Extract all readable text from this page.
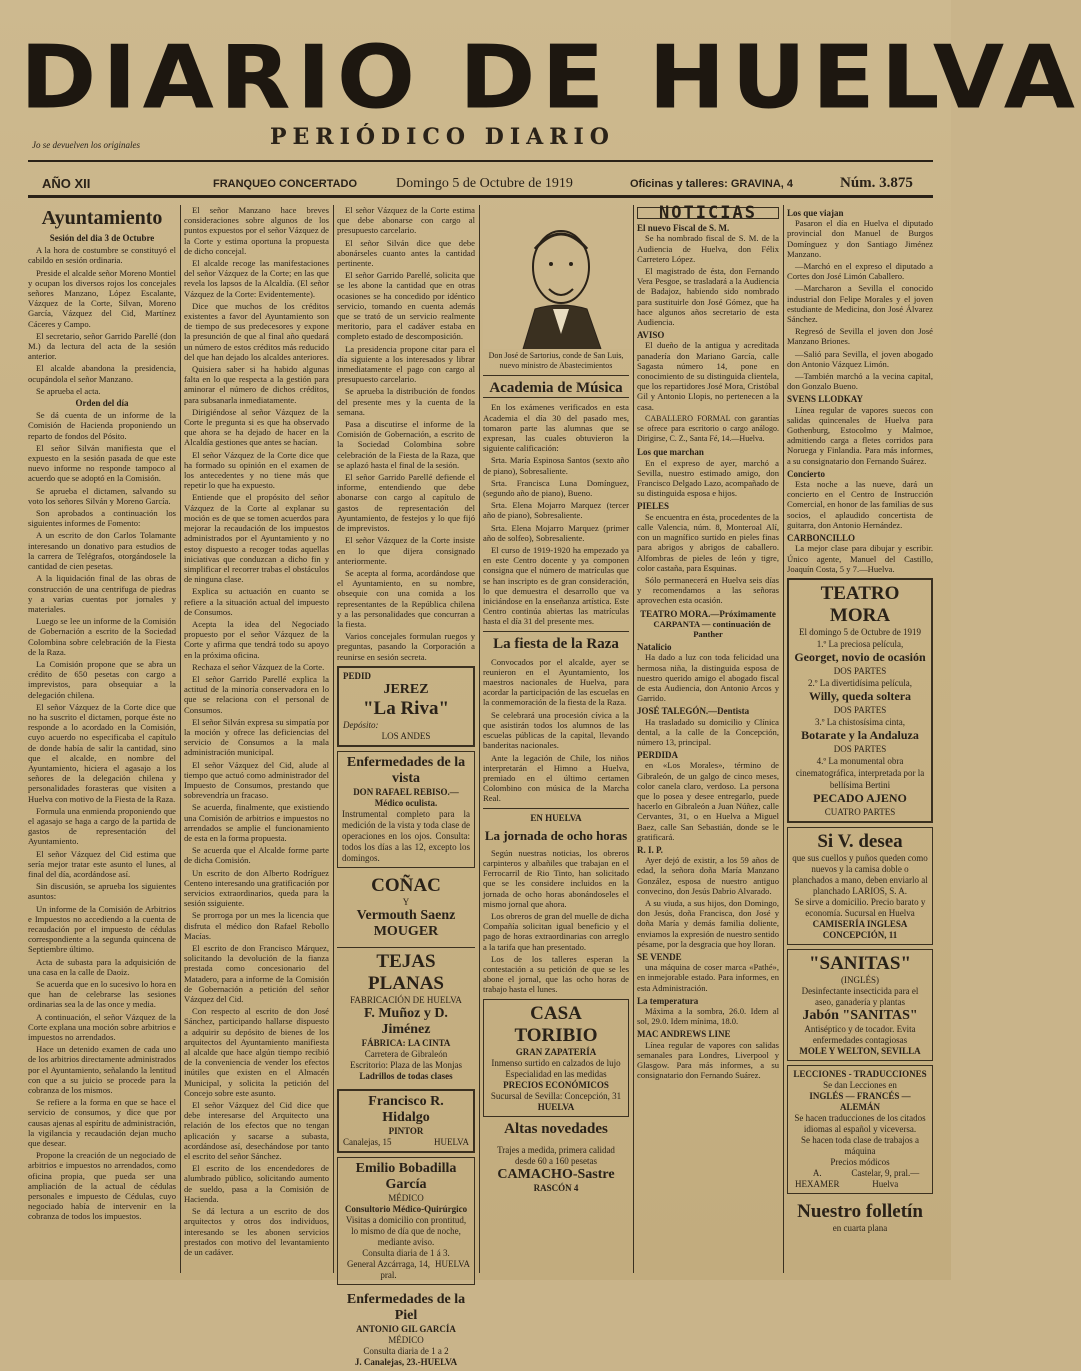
DIARIO DE HUELVA
PERIÓDICO DIARIO
Jo se devuelven los originales
AÑO XII	FRANQUEO CONCERTADO	Domingo 5 de Octubre de 1919	Oficinas y talleres: GRAVINA, 4	Núm. 3.875
Ayuntamiento
Sesión del dia 3 de Octubre

A la hora de costumbre se constituyó el cabildo en sesión ordinaria.

Preside el alcalde señor Moreno Montiel y ocupan los diversos rojos los concejales señores Manzano, López Escalante, Vázquez de la Corte, Silvan, Moreno García, Vázquez del Cid, Martínez Cáceres y Campo.

El secretario, señor Garrido Parellé (don M.) da lectura del acta de la sesión anterior.

El alcalde abandona la presidencia, ocupándola el señor Manzano.

Se aprueba el acta.

Orden del día

Se dá cuenta de un informe de la Comisión de Hacienda proponiendo un reparto de fondos del Pósito.

El señor Silván manifiesta que el expuesto en la sesión pasada de que este nuevo informe no responde tampoco al acuerdo que se adoptó en la Comisión.

Se aprueba el dictamen, salvando su voto los señores Silván y Moreno García.

Son aprobados a continuación los siguientes informes de Fomento:

A un escrito de don Carlos Tolamante interesando un donativo para estudios de la carrera de Telégrafos, otorgándosele la cantidad de cien pesetas.

A la liquidación final de las obras de construcción de una centrifuga de piedras y a varias cuentas por jornales y materiales.

Luego se lee un informe de la Comisión de Gobernación a escrito de la Sociedad Colombina sobre celebración de la Fiesta de la Raza.

La Comisión propone que se abra un crédito de 650 pesetas con cargo a imprevistos, para obsequiar a la delegación chilena.

El señor Vázquez de la Corte dice que no ha suscrito el dictamen, porque éste no responde a lo acordado en la Comisión, cuyo acuerdo no especificaba el capítulo de donde había de salir la cantidad, sino que el alcalde, en nombre del Ayuntamiento, hiciera el agasajo a los señores de la delegación chilena y personalidades forasteras que visiten a Huelva con motivo de la Fiesta de la Raza.

Formula una enmienda proponiendo que el agasajo se haga a cargo de la partida de gastos de representación del Ayuntamiento.

El señor Vázquez del Cid estima que sería mejor tratar este asunto el lunes, al final del día, acordándose así.

Sin discusión, se aprueba los siguientes asuntos:

Un informe de la Comisión de Arbitrios e Impuestos no accediendo a la cuenta de recaudación por el impuesto de cédulas correspondiente a la segunda quincena de Septiembre último.

Acta de subasta para la adquisición de una casa en la calle de Daoiz.

Se acuerda que en lo sucesivo lo hora en que han de celebrarse las sesiones ordinarias sea la de las once y media.

A continuación, el señor Vázquez de la Corte explana una moción sobre arbitrios e impuestos no arrendados.

Hace un detenido examen de cada uno de los arbitrios directamente administrados por el Ayuntamiento, señalando la lentitud con que a su juicio se procede para la cobranza de los mismos.

Se refiere a la forma en que se hace el servicio de consumos, y dice que por causas ajenas al espíritu de administración, la vigilancia y recaudación dejan mucho que desear.

Propone la creación de un negociado de arbitrios e impuestos no arrendados, como oficina propia, que pueda ser una ampliación de la actual de cédulas personales e impuesto de Cédulas, cuyo negociado había de intervenir en la cobranza de todos los impuestos.

El señor Manzano hace breves consideraciones sobre algunos de los puntos expuestos por el señor Vázquez de la Corte y estima oportuna la propuesta de dicho concejal.

El alcalde recoge las manifestaciones del señor Vázquez de la Corte; en las que revela los lapsos de la Alcaldía. (El señor Vázquez de la Corte: Evidentemente).

Dice que muchos de los créditos existentes a favor del Ayuntamiento son de tiempo de sus predecesores y expone la presunción de que al final año quedará un número de estos créditos más reducido del que han dejado los alcaldes anteriores.

Quisiera saber si ha habido algunas falta en lo que respecta a la gestión para aminorar el número de dichos créditos, para subsanarla inmediatamente.

Dirigiéndose al señor Vázquez de la Corte le pregunta si es que ha observado que ahora se ha dejado de hacer en la Alcaldía gestiones que antes se hacían.

El señor Vázquez de la Corte dice que ha formado su opinión en el examen de los antecedentes y no tiene más que repetir lo que ha expuesto.

Entiende que el propósito del señor Vázquez de la Corte al explanar su moción es de que se tomen acuerdos para mejorar la recaudación de los impuestos administrados por el Ayuntamiento y no estoy dispuesto a recoger todas aquellas iniciativas que conduzcan a dicho fin y simplificar el recorrer trabas el obstáculos de ninguna clase.

Explica su actuación en cuanto se refiere a la situación actual del impuesto de Consumos.

Acepta la idea del Negociado propuesto por el señor Vázquez de la Corte y afirma que tendrá todo su apoyo en la próxima oficina.

Rechaza el señor Vázquez de la Corte.

El señor Garrido Parellé explica la actitud de la minoría conservadora en lo que se relaciona con el personal de Consumos.

El señor Silván expresa su simpatía por la moción y ofrece las deficiencias del servicio de Consumos a la mala administración municipal.

El señor Vázquez del Cid, alude al tiempo que actuó como administrador del Impuesto de Consumos, prestando que sobrevendría un fracaso.

Se acuerda, finalmente, que existiendo una Comisión de arbitrios e impuestos no arrendados se amplie el funcionamiento de esta en la forma propuesta.

Se acuerda que el Alcalde forme parte de dicha Comisión.

Un escrito de don Alberto Rodríguez Centeno interesando una gratificación por servicios extraordinarios, queda para la sesión ssiguiente.

Se prorroga por un mes la licencia que disfruta el médico don Rafael Rebollo Macías.

El escrito de don Francisco Márquez, solicitando la devolución de la fianza prestada como concesionario del Matadero, para a informe de la Comisión de Gobernación a petición del señor Vázquez del Cid.

Con respecto al escrito de don José Sánchez, participando hallarse dispuesto a adquirir su depósito de bienes de los arquitectos del Ayuntamiento manifiesta al alcalde que hace algún tiempo recibió de la conveniencia de vender los efectos inútiles que existen en el Almacén Municipal, y solicita la petición del Concejo sobre este asunto.

El señor Vázquez del Cid dice que debe interesarse del Arquitecto una relación de los efectos que no tengan aplicación y sacarse a subasta, acordándose así, desechándose por tanto el escrito del señor Sánchez.

El escrito de los encendedores de alumbrado público, solicitando aumento de sueldo, pasa a la Comisión de Hacienda.

Se dá lectura a un escrito de dos arquitectos y otros dos individuos, interesando se les abonen servicios prestados con motivo del levantamiento de un cadáver.

El señor Vázquez de la Corte estima que debe abonarse con cargo al presupuesto carcelario.

El señor Silván dice que debe abonárseles cuanto antes la cantidad pertinente.

El señor Garrido Parellé, solicita que se les abone la cantidad que en otras ocasiones se ha concedido por idéntico servicio, tomando en cuenta además que se trató de un servicio realmente meritorio, para el cadáver estaba en completo estado de descomposición.

La presidencia propone citar para el día siguiente a los interesados y librar inmediatamente el pago con cargo al presupuesto carcelario.

Se aprueba la distribución de fondos del presente mes y la cuenta de la semana.

Pasa a discutirse el informe de la Comisión de Gobernación, a escrito de la Sociedad Colombina sobre celebración de la Fiesta de la Raza, que se aplazó hasta el final de la sesión.

El señor Garrido Parellé defiende el informe, entendiendo que debe abonarse con cargo al capítulo de gastos de representación del Ayuntamiento, de festejos y lo que fijó de imprevistos.

El señor Vázquez de la Corte insiste en lo que dijera consignado anteriormente.

Se acepta al forma, acordándose que el Ayuntamiento, en su nombre, obsequie con una comida a los representantes de la República chilena y a las personalidades que concurran a la fiesta.

Varios concejales formulan ruegos y preguntas, pasando la Corporación a reunirse en sesión secreta.

PEDID
JEREZ
"La Riva"
Depósito:
LOS ANDES
Enfermedades de la vista
DON RAFAEL REBISO.—Médico oculista.
Instrumental completo para la medición de la vista y toda clase de operaciones en los ojos. Consulta: todos los días a las 12, excepto los domingos.
COÑAC
Y
Vermouth Saenz
MOUGER
TEJAS PLANAS
FABRICACIÓN DE HUELVA
F. Muñoz y D. Jiménez
FÁBRICA: LA CINTA
Carretera de Gibraleón
Escritorio: Plaza de las Monjas
Ladrillos de todas clases
Francisco R. Hidalgo
PINTOR
Canalejas, 15	HUELVA
Emilio Bobadilla García
MÉDICO
Consultorio Médico-Quirúrgico
Visitas a domicilio con prontitud, lo mismo de día que de noche, mediante aviso.
Consulta diaria de 1 á 3.
General Azcárraga, 14, pral.
HUELVA
Enfermedades de la Piel
ANTONIO GIL GARCÍA
MÉDICO
Consulta diaria de 1 a 2
J. Canalejas, 23.-HUELVA

Don José de Sartorius, conde de San Luis, nuevo ministro de Abastecimientos

Academia de Música

En los exámenes verificados en esta Academia el día 30 del pasado mes, tomaron parte las alumnas que se expresan, las cuales obtuvieron la siguiente calificación:

Srta. María Espinosa Santos (sexto año de piano), Sobresaliente.

Srta. Francisca Luna Domínguez, (segundo año de piano), Bueno.

Srta. Elena Mojarro Marquez (tercer año de piano), Sobresaliente.

Srta. Elena Mojarro Marquez (primer año de solfeo), Sobresaliente.

El curso de 1919-1920 ha empezado ya en este Centro docente y ya componen consigna que el número de matrículas que se han inscripto es de gran consideración, lo que demuestra el desarrollo que va iniciándose en la enseñanza artística. Este Centro continúa abiertas las matrículas hasta el día 31 del presente mes.

La fiesta de la Raza

Convocados por el alcalde, ayer se reunieron en el Ayuntamiento, los maestros nacionales de Huelva, para acordar la participación de las escuelas en la conmemoración de la fiesta de la Raza.

Se celebrará una procesión cívica a la que asistirán todos los alumnos de las escuelas públicas de la capital, llevando banderitas nacionales.

Ante la legación de Chile, los niños interpretarán el Himno a Huelva, premiado en el último certamen Colombino con música de la Marcha Real.

EN HUELVA
La jornada de ocho horas

Según nuestras noticias, los obreros carpinteros y albañiles que trabajan en el Ferrocarril de Rio Tinto, han solicitado que se les considere incluidos en la jornada de ocho horas abonándoseles el mismo jornal que ahora.

Los obreros de gran del muelle de dicha Compañía solicitan igual beneficio y el pago de horas extraordinarias con arreglo a la tarifa que han presentado.

Los de los talleres esperan la contestación a su petición de que se les abone el jornal, que las ocho horas de trabajo hasta el lunes.

CASA TORIBIO
GRAN ZAPATERÍA
Inmenso surtido en calzados de lujo
Especialidad en las medidas
PRECIOS ECONÓMICOS
Sucursal de Sevilla: Concepción, 31
HUELVA
Altas novedades
Trajes a medida, primera calidad desde 60 a 160 pesetas
CAMACHO-Sastre
RASCÓN 4
NOTICIAS
El nuevo Fiscal de S. M.

Se ha nombrado fiscal de S. M. de la Audiencia de Huelva, don Félix Carretero López.

El magistrado de ésta, don Fernando Vera Pesgoe, se trasladará a la Audiencia de Badajoz, habiendo sido nombrado para sustituirle don José Gómez, que ha hace algunos años secretario de esta Audiencia.

AVISO

El dueño de la antigua y acreditada panadería don Mariano García, calle Sagasta número 14, pone en conocimiento de su distinguida clientela, que los repartidores José Mora, Cristóbal Gil y Antonio Llopis, no pertenecen a la casa.

CABALLERO FORMAL con garantías se ofrece para escritorio o cargo análogo. Dirigirse, C. Z., Santa Fé, 14.—Huelva.

Los que marchan

En el expreso de ayer, marchó a Sevilla, nuestro estimado amigo, don Francisco Delgado Lazo, acompañado de su distinguida esposa e hijos.

PIELES

Se encuentra en ésta, procedentes de la calle Valencia, núm. 8, Monteroal Alí, con un magnífico surtido en pieles finas para abrigos y abrigos de caballero. Alfombras de pieles de león y tigre, color castaña, para Esquinas.

Sólo permanecerá en Huelva seis días y recomendamos a las señoras aprovechen esta ocasión.

TEATRO MORA.—Próximamente

CARPANTA — continuación de Panther

Natalicio

Ha dado a luz con toda felicidad una hermosa niña, la distinguida esposa de nuestro querido amigo el abogado fiscal de esta Audiencia, don Antonio Arcos y Garrido.

JOSÉ TALEGÓN.—Dentista

Ha trasladado su domicilio y Clínica dental, a la calle de la Concepción, número 13, principal.

PERDIDA

en «Los Morales», término de Gibraleón, de un galgo de cinco meses, color canela claro, verdoso. La persona que lo posea y desee entregarlo, puede hacerlo en Gibraleón a Juan Núñez, calle Cervantes, 31, o en Huelva a Miguel Baez, calle San Sebastián, donde se le gratificará.

R. I. P.

Ayer dejó de existir, a los 59 años de edad, la señora doña María Manzano González, esposa de nuestro antiguo convecino, don Jesús Dabrio Alvarado.

A su viuda, a sus hijos, don Domingo, don Jesús, doña Francisca, don José y doña María y demás familia doliente, enviamos la expresión de nuestro sentido pésame, por la desgracia que hoy lloran.

SE VENDE

una máquina de coser marca «Pathé», en inmejorable estado. Para informes, en esta Administración.

La temperatura

Máxima a la sombra, 26.0. Idem al sol, 29.0. Idem mínima, 18.0.

MAC ANDREWS LINE

Línea regular de vapores con salidas semanales para Londres, Liverpool y Glasgow. Para más informes, a su consignatario don Fernando Suárez.

Los que viajan

Pasaron el día en Huelva el diputado provincial don Manuel de Burgos Domínguez y don Santiago Jiménez Manzano.

—Marchó en el expreso el diputado a Cortes don José Limón Caballero.

—Marcharon a Sevilla el conocido industrial don Felipe Morales y el joven estudiante de Medicina, don José Álvarez Sánchez.

Regresó de Sevilla el joven don José Manzano Briones.

—Salió para Sevilla, el joven abogado don Antonio Vázquez Limón.

—También marchó a la vecina capital, don Gonzalo Bueno.

SVENS LLODKAY

Línea regular de vapores suecos con salidas quincenales de Huelva para Gothenburg, Estocolmo y Malmoe, admitiendo carga a fletes corridos para Noruega y Finlandia. Para más informes, a su consignatario don Fernando Suárez.

Concierto

Esta noche a las nueve, dará un concierto en el Centro de Instrucción Comercial, en honor de las familias de sus socios, el aplaudido concertista de guitarra, don Antonio Hernández.

CARBONCILLO

La mejor clase para dibujar y escribir. Único agente, Manuel del Castillo, Joaquín Costa, 5 y 7.—Huelva.

TEATRO MORA
El domingo 5 de Octubre de 1919
1.º La preciosa película,
Georget, novio de ocasión
DOS PARTES
2.º La divertidísima película,
Willy, queda soltera
DOS PARTES
3.º La chistosísima cinta,
Botarate y la Andaluza
DOS PARTES
4.º La monumental obra cinematográfica, interpretada por la bellísima Bertini
PECADO AJENO
CUATRO PARTES
Si V. desea
que sus cuellos y puños queden como nuevos y la camisa doble o planchados a mano, deben enviarlo al planchado LARIOS, S. A.
Se sirve a domicilio. Precio barato y economía. Sucursal en Huelva
CAMISERÍA INGLESA
CONCEPCIÓN, 11
"SANITAS"
(INGLÉS)
Desinfectante insecticida para el aseo, ganadería y plantas
Jabón "SANITAS"
Antiséptico y de tocador. Evita enfermedades contagiosas
MOLE Y WELTON, SEVILLA
LECCIONES - TRADUCCIONES
Se dan Lecciones en
INGLÉS — FRANCÉS — ALEMÁN
Se hacen traducciones de los citados idiomas al español y viceversa.
Se hacen toda clase de trabajos a máquina
Precios módicos
A. HEXAMER
Castelar, 9, pral.—Huelva
Nuestro folletín
en cuarta plana
